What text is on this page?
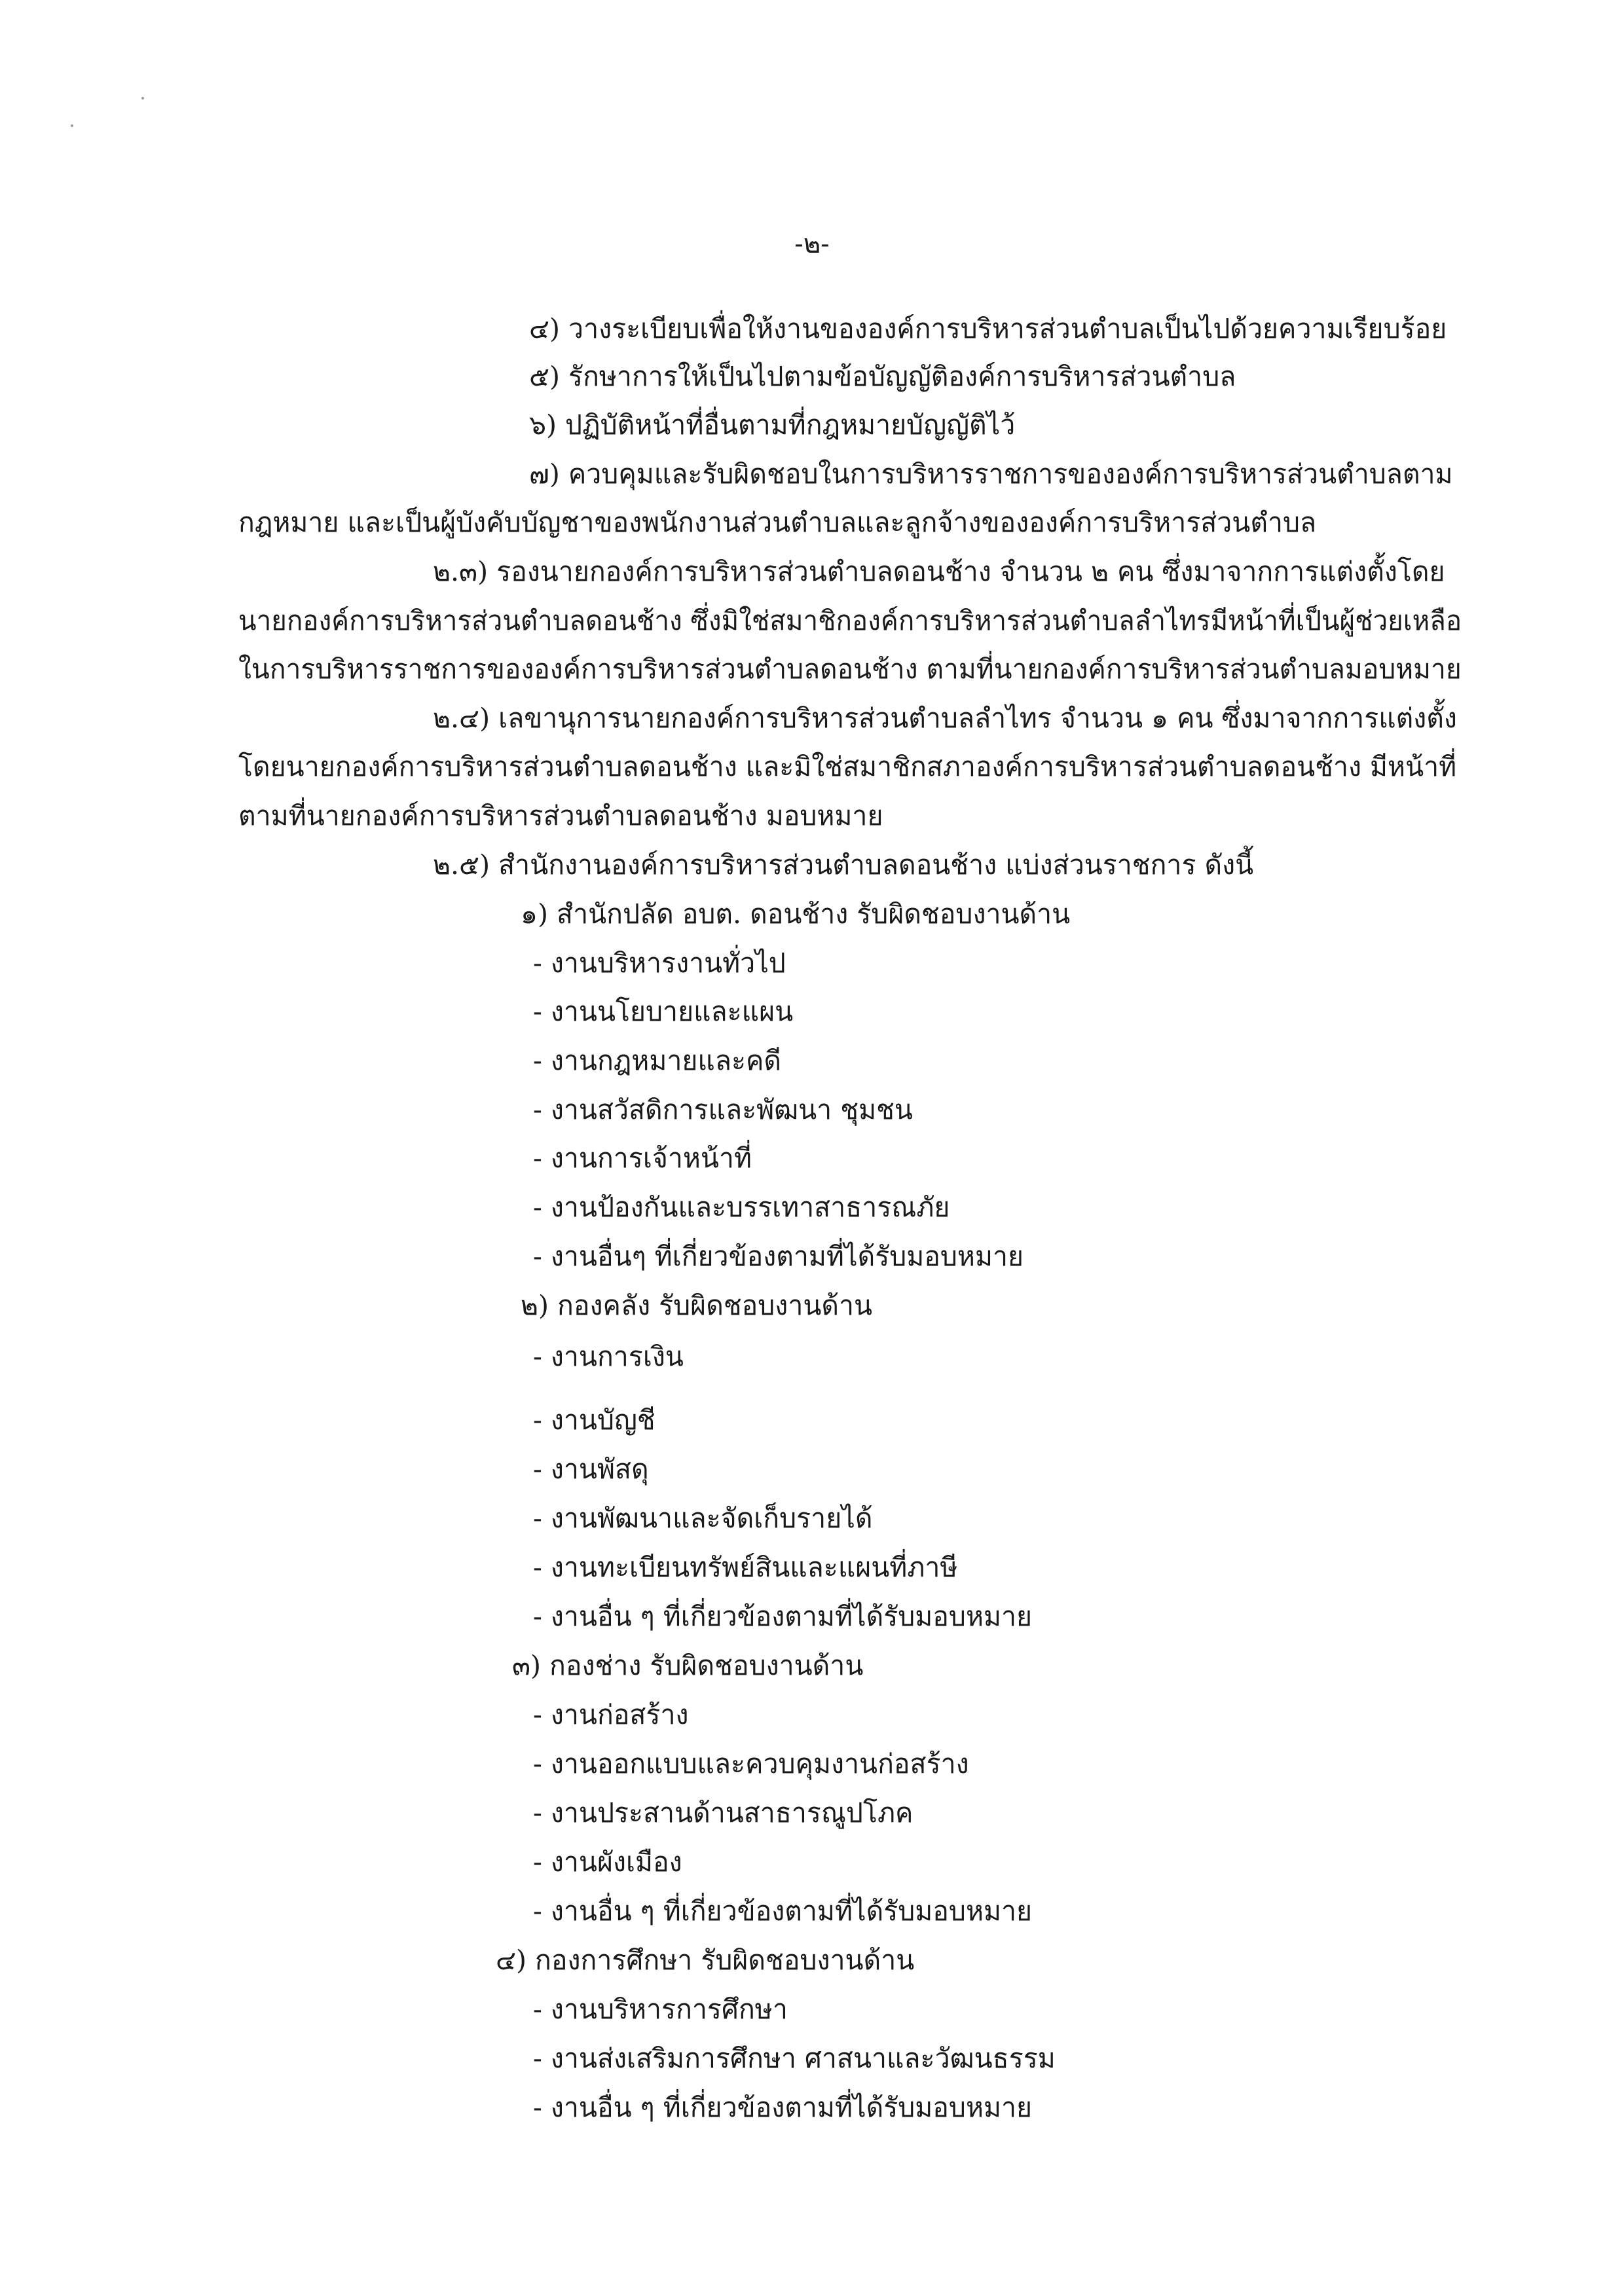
-๒-
๔) วางระเบียบเพื่อให้งานขององค์การบริหารส่วนตำบลเป็นไปด้วยความเรียบร้อย
๕) รักษาการให้เป็นไปตามข้อบัญญัติองค์การบริหารส่วนตำบล
๖) ปฏิบัติหน้าที่อื่นตามที่กฎหมายบัญญัติไว้
๗) ควบคุมและรับผิดชอบในการบริหารราชการขององค์การบริหารส่วนตำบลตาม
กฎหมาย และเป็นผู้บังคับบัญชาของพนักงานส่วนตำบลและลูกจ้างขององค์การบริหารส่วนตำบล
๒.๓) รองนายกองค์การบริหารส่วนตำบลดอนช้าง จำนวน ๒ คน ซึ่งมาจากการแต่งตั้งโดย
นายกองค์การบริหารส่วนตำบลดอนช้าง ซึ่งมิใช่สมาชิกองค์การบริหารส่วนตำบลลำไทรมีหน้าที่เป็นผู้ช่วยเหลือ
ในการบริหารราชการขององค์การบริหารส่วนตำบลดอนช้าง ตามที่นายกองค์การบริหารส่วนตำบลมอบหมาย
๒.๔) เลขานุการนายกองค์การบริหารส่วนตำบลลำไทร จำนวน ๑ คน ซึ่งมาจากการแต่งตั้ง
โดยนายกองค์การบริหารส่วนตำบลดอนช้าง และมิใช่สมาชิกสภาองค์การบริหารส่วนตำบลดอนช้าง มีหน้าที่
ตามที่นายกองค์การบริหารส่วนตำบลดอนช้าง มอบหมาย
๒.๕) สำนักงานองค์การบริหารส่วนตำบลดอนช้าง แบ่งส่วนราชการ ดังนี้
๑) สำนักปลัด อบต. ดอนช้าง รับผิดชอบงานด้าน
- งานบริหารงานทั่วไป
- งานนโยบายและแผน
- งานกฎหมายและคดี
- งานสวัสดิการและพัฒนา ชุมชน
- งานการเจ้าหน้าที่
- งานป้องกันและบรรเทาสาธารณภัย
- งานอื่นๆ ที่เกี่ยวข้องตามที่ได้รับมอบหมาย
๒) กองคลัง รับผิดชอบงานด้าน
- งานการเงิน
- งานบัญชี
- งานพัสดุ
- งานพัฒนาและจัดเก็บรายได้
- งานทะเบียนทรัพย์สินและแผนที่ภาษี
- งานอื่น ๆ ที่เกี่ยวข้องตามที่ได้รับมอบหมาย
๓) กองช่าง รับผิดชอบงานด้าน
- งานก่อสร้าง
- งานออกแบบและควบคุมงานก่อสร้าง
- งานประสานด้านสาธารณูปโภค
- งานผังเมือง
- งานอื่น ๆ ที่เกี่ยวข้องตามที่ได้รับมอบหมาย
๔) กองการศึกษา รับผิดชอบงานด้าน
- งานบริหารการศึกษา
- งานส่งเสริมการศึกษา ศาสนาและวัฒนธรรม
- งานอื่น ๆ ที่เกี่ยวข้องตามที่ได้รับมอบหมาย
